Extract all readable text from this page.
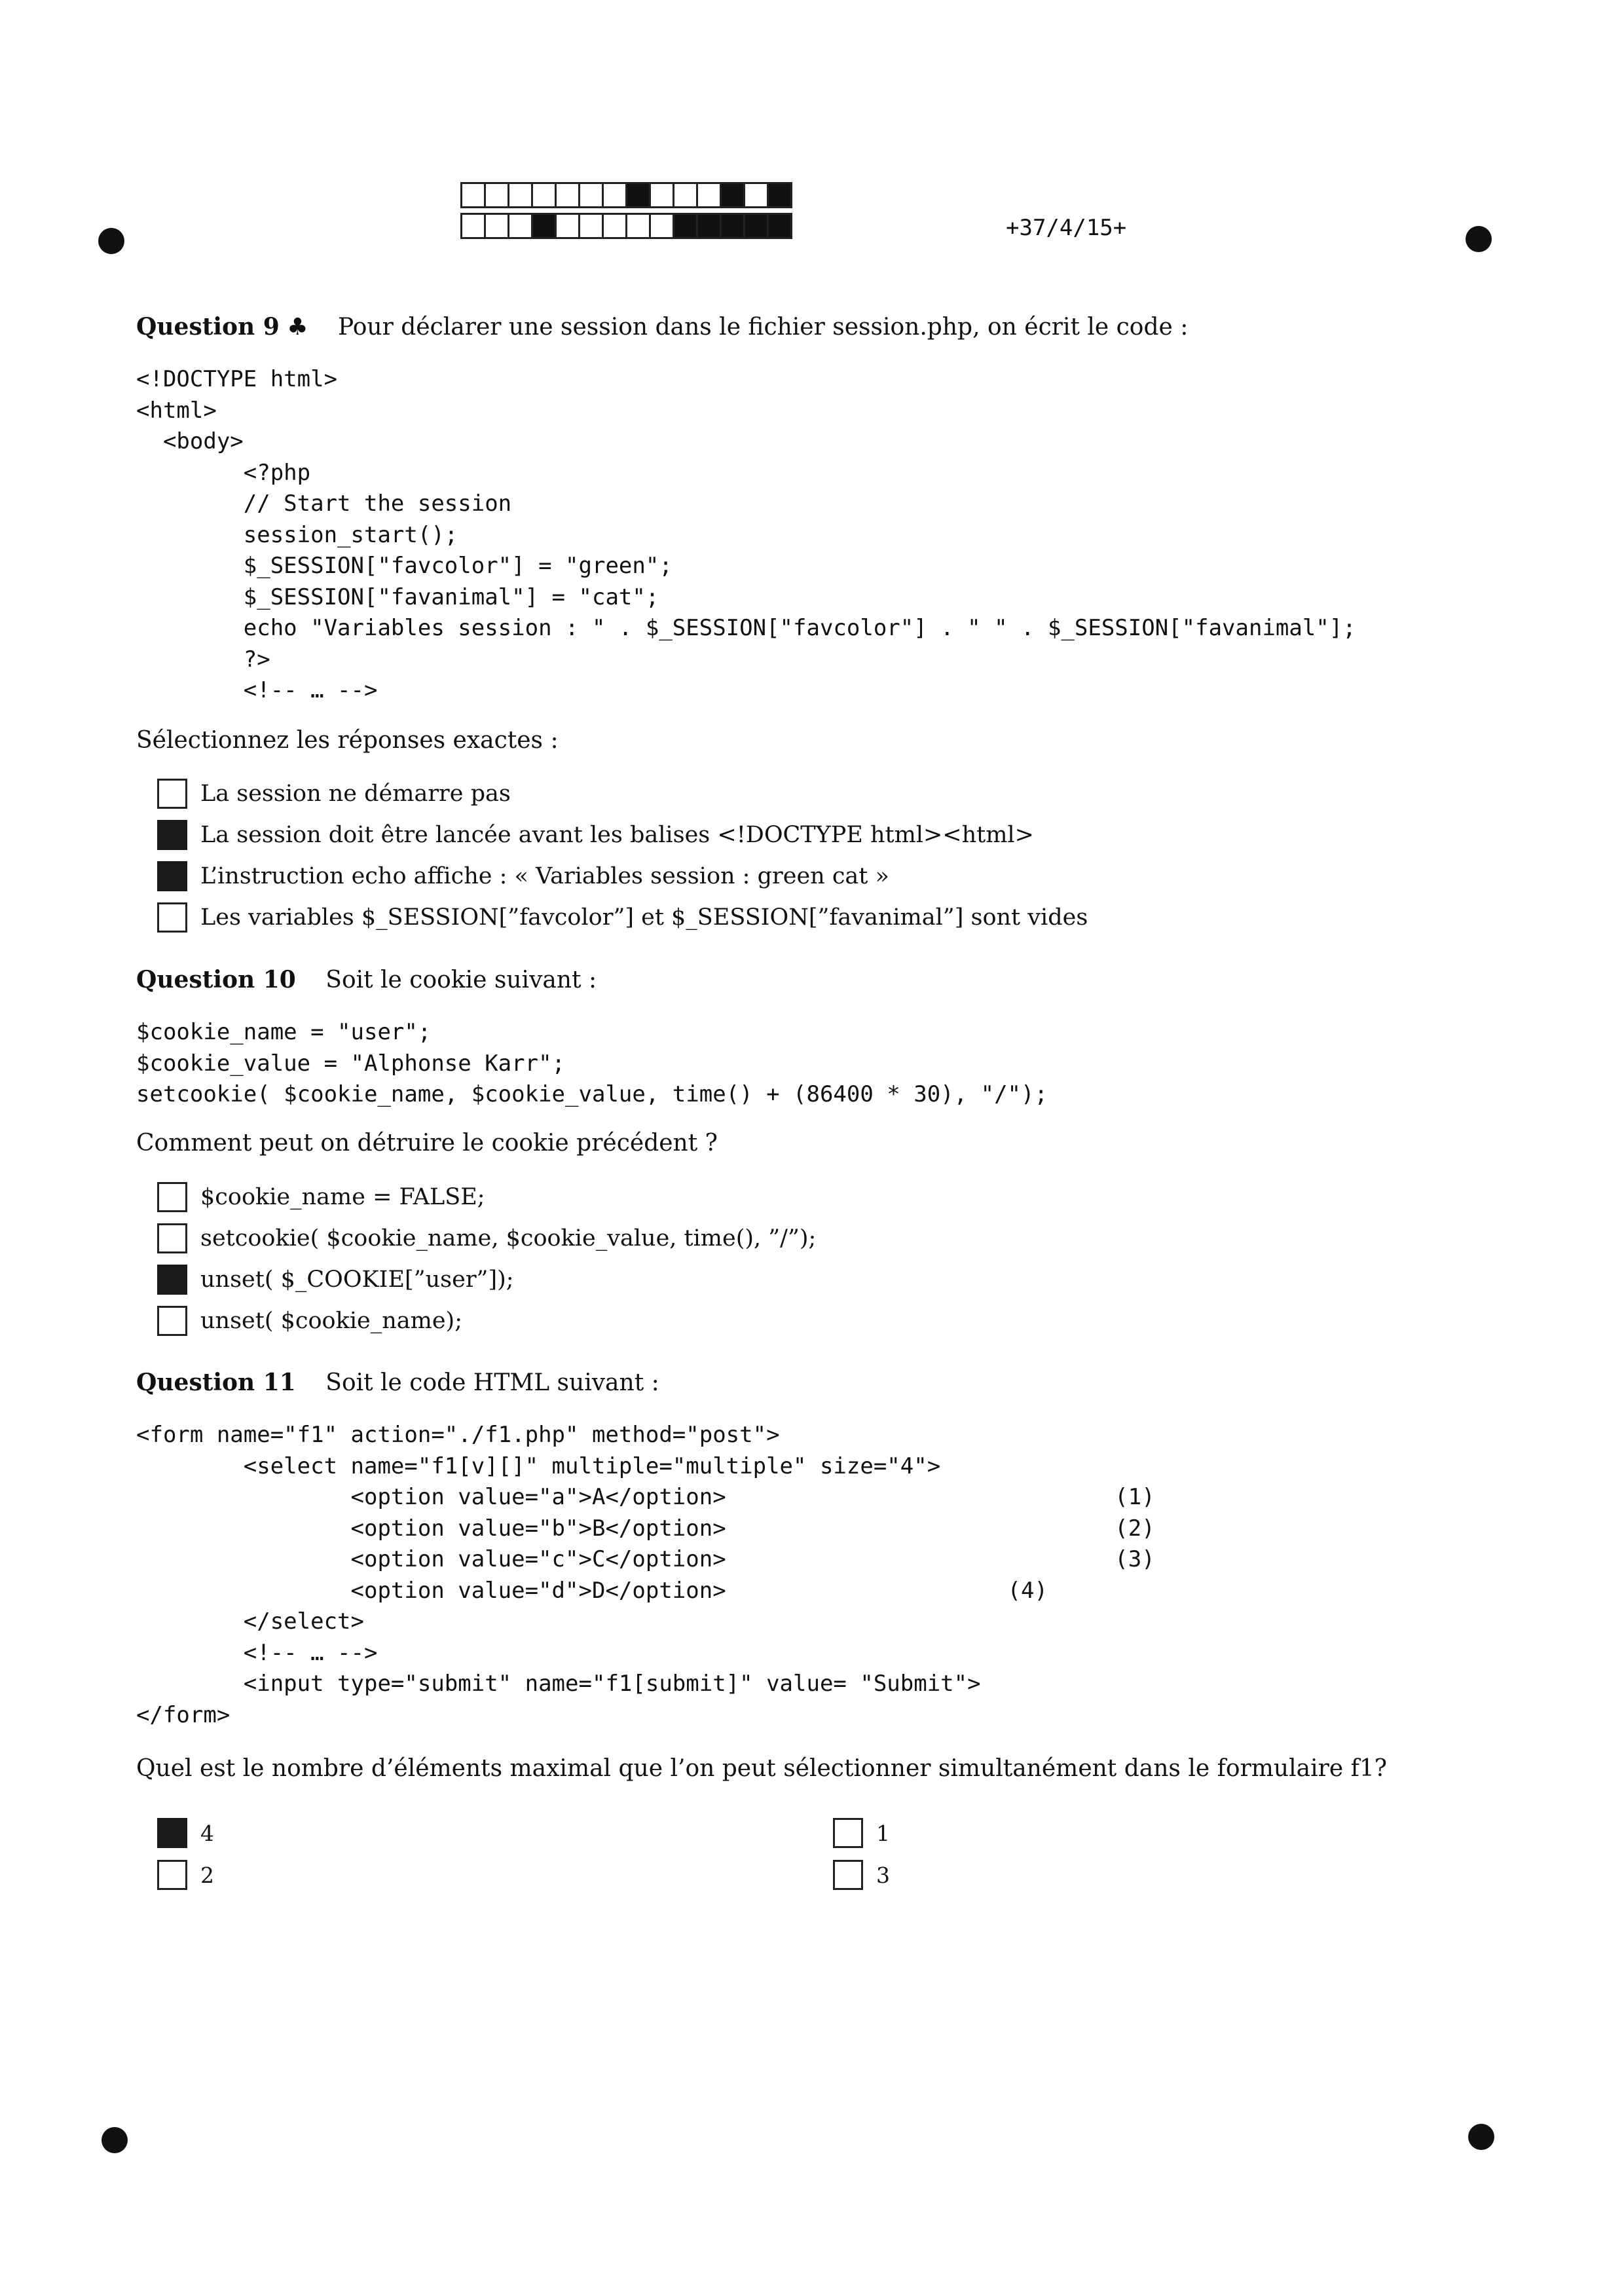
+37/4/15+
Question 9 ♣ Pour déclarer une session dans le fichier session.php, on écrit le code :
<!DOCTYPE html>
<html>
<body>
<?php
// Start the session
session_start();
$_SESSION["favcolor"] = "green";
$_SESSION["favanimal"] = "cat";
echo "Variables session : " . $_SESSION["favcolor"] . " " . $_SESSION["favanimal"];
?>
<!-- … -->
Sélectionnez les réponses exactes :
La session ne démarre pas
La session doit être lancée avant les balises <!DOCTYPE html><html>
L’instruction echo affiche : « Variables session : green cat »
Les variables $_SESSION[”favcolor”] et $_SESSION[”favanimal”] sont vides
Question 10 Soit le cookie suivant :
$cookie_name = "user";
$cookie_value = "Alphonse Karr";
setcookie( $cookie_name, $cookie_value, time() + (86400 * 30), "/");
Comment peut on détruire le cookie précédent ?
$cookie_name = FALSE;
setcookie( $cookie_name, $cookie_value, time(), ”/”);
unset( $_COOKIE[”user”]);
unset( $cookie_name);
Question 11 Soit le code HTML suivant :
<form name="f1" action="./f1.php" method="post">
<select name="f1[v][]" multiple="multiple" size="4">
<option value="a">A</option>                             (1)
<option value="b">B</option>                             (2)
<option value="c">C</option>                             (3)
<option value="d">D</option>                     (4)
</select>
<!-- … -->
<input type="submit" name="f1[submit]" value= "Submit">
</form>
Quel est le nombre d’éléments maximal que l’on peut sélectionner simultanément dans le formulaire f1?
4
2
1
3
